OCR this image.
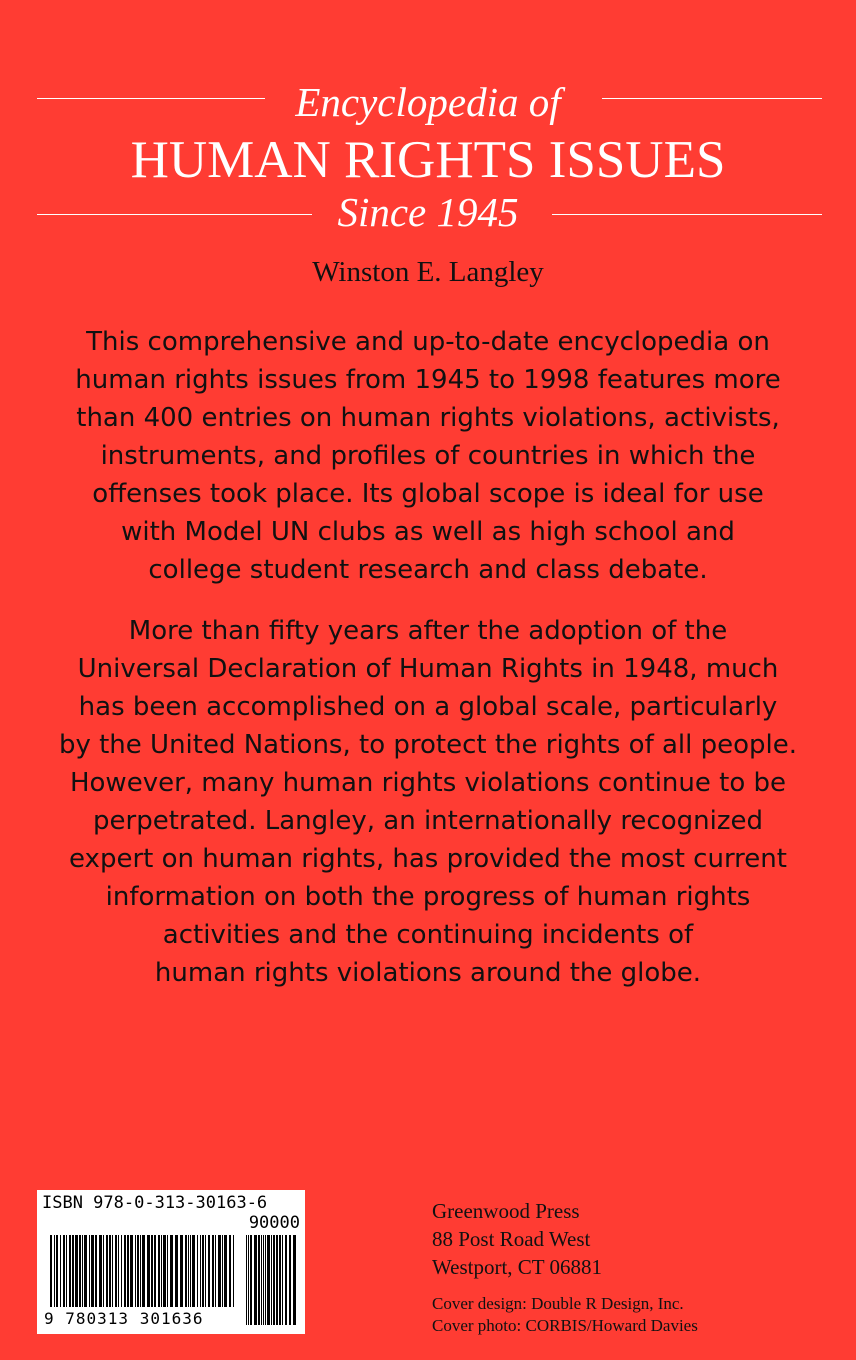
Encyclopedia of
HUMAN RIGHTS ISSUES
Since 1945
Winston E. Langley

This comprehensive and up-to-date encyclopedia on
human rights issues from 1945 to 1998 features more
than 400 entries on human rights violations, activists,
instruments, and profiles of countries in which the
offenses took place. Its global scope is ideal for use
with Model UN clubs as well as high school and
college student research and class debate.

More than fifty years after the adoption of the
Universal Declaration of Human Rights in 1948, much
has been accomplished on a global scale, particularly
by the United Nations, to protect the rights of all people.
However, many human rights violations continue to be
perpetrated. Langley, an internationally recognized
expert on human rights, has provided the most current
information on both the progress of human rights
activities and the continuing incidents of
human rights violations around the globe.

ISBN 978-0-313-30163-6
90000
9 780313 301636
Greenwood Press
88 Post Road West
Westport, CT 06881
Cover design: Double R Design, Inc.
Cover photo: CORBIS/Howard Davies
